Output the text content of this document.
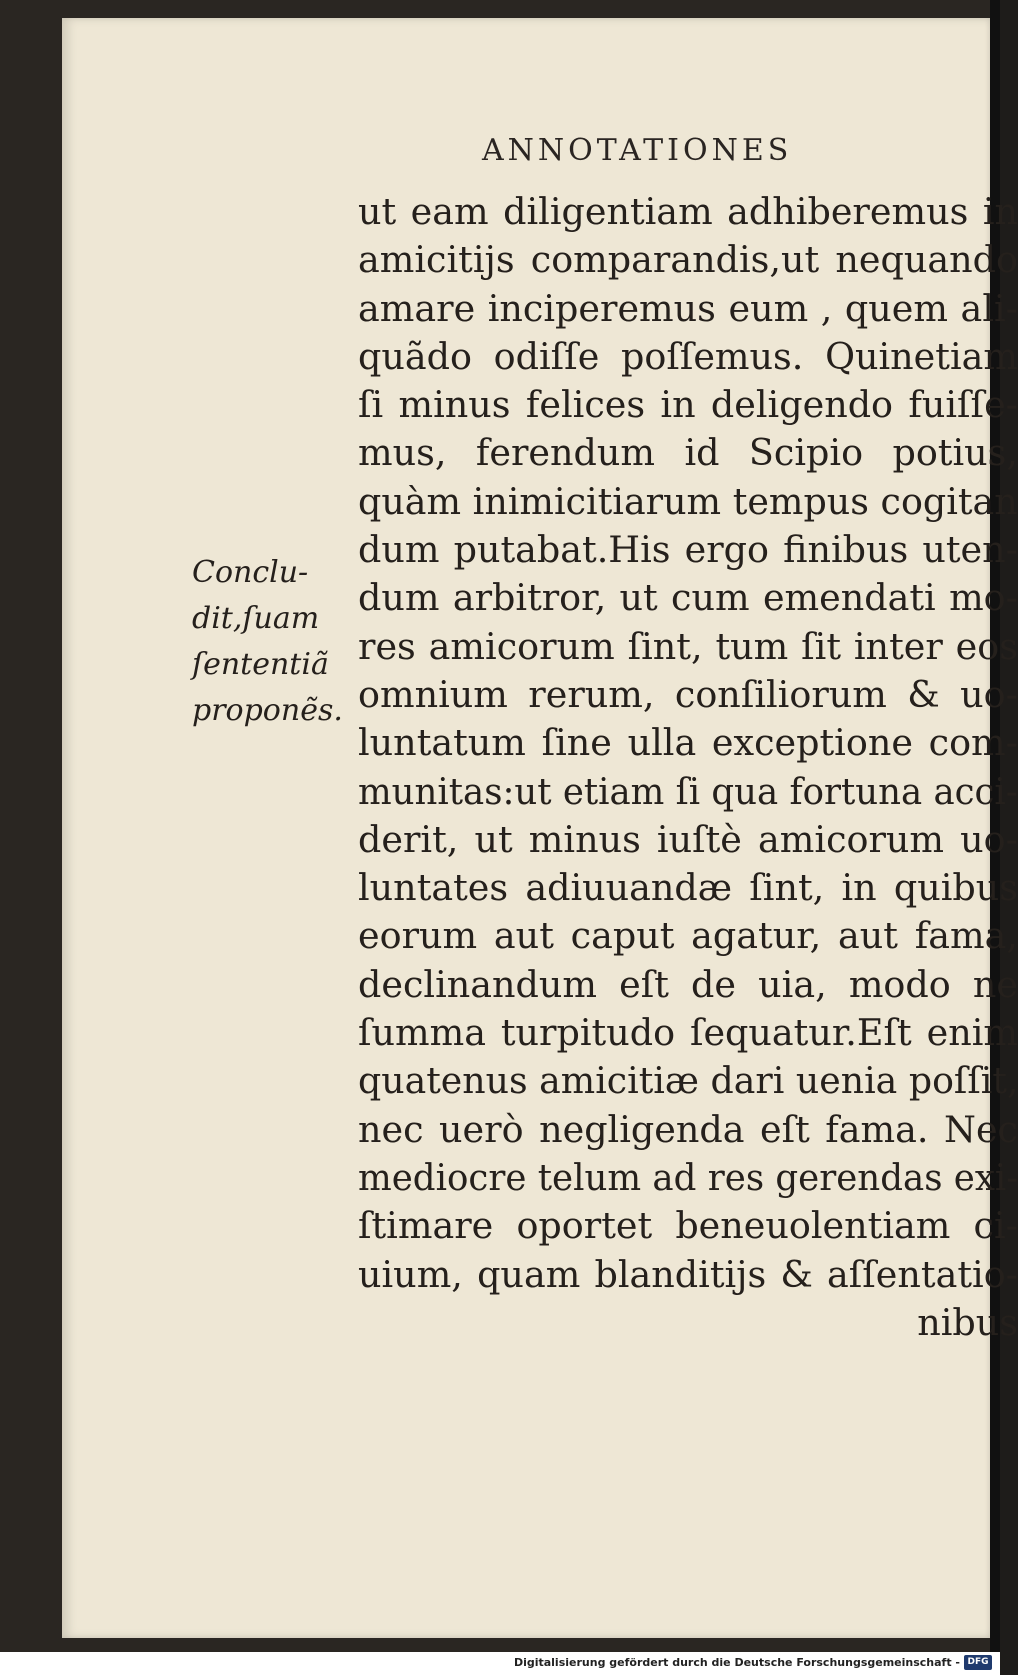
ANNOTATIONES
Conclu-
dit,ſuam
ſententiã
proponẽs.
ut eam diligentiam adhiberemus in
amicitijs comparandis,ut nequando
amare inciperemus eum , quem ali-
quãdo odiſſe poſſemus. Quinetiam
ſi minus felices in deligendo fuiſſe-
mus, ferendum id Scipio potius,
quàm inimicitiarum tempus cogitan
dum putabat.His ergo finibus uten-
dum arbitror, ut cum emendati mo-
res amicorum ſint, tum ſit inter eos
omnium rerum, conſiliorum & uo-
luntatum ſine ulla exceptione com-
munitas:ut etiam ſi qua fortuna acci-
derit, ut minus iuſtè amicorum uo-
luntates adiuuandæ ſint, in quibus
eorum aut caput agatur, aut fama,
declinandum eſt de uia, modo ne
ſumma turpitudo ſequatur.Eſt enim
quatenus amicitiæ dari uenia poſſit,
nec uerò negligenda eſt fama. Nec
mediocre telum ad res gerendas exi-
ſtimare oportet beneuolentiam ci-
uium, quam blanditijs & aſſentatio-
nibus
Digitalisierung gefördert durch die Deutsche Forschungsgemeinschaft - DFG
